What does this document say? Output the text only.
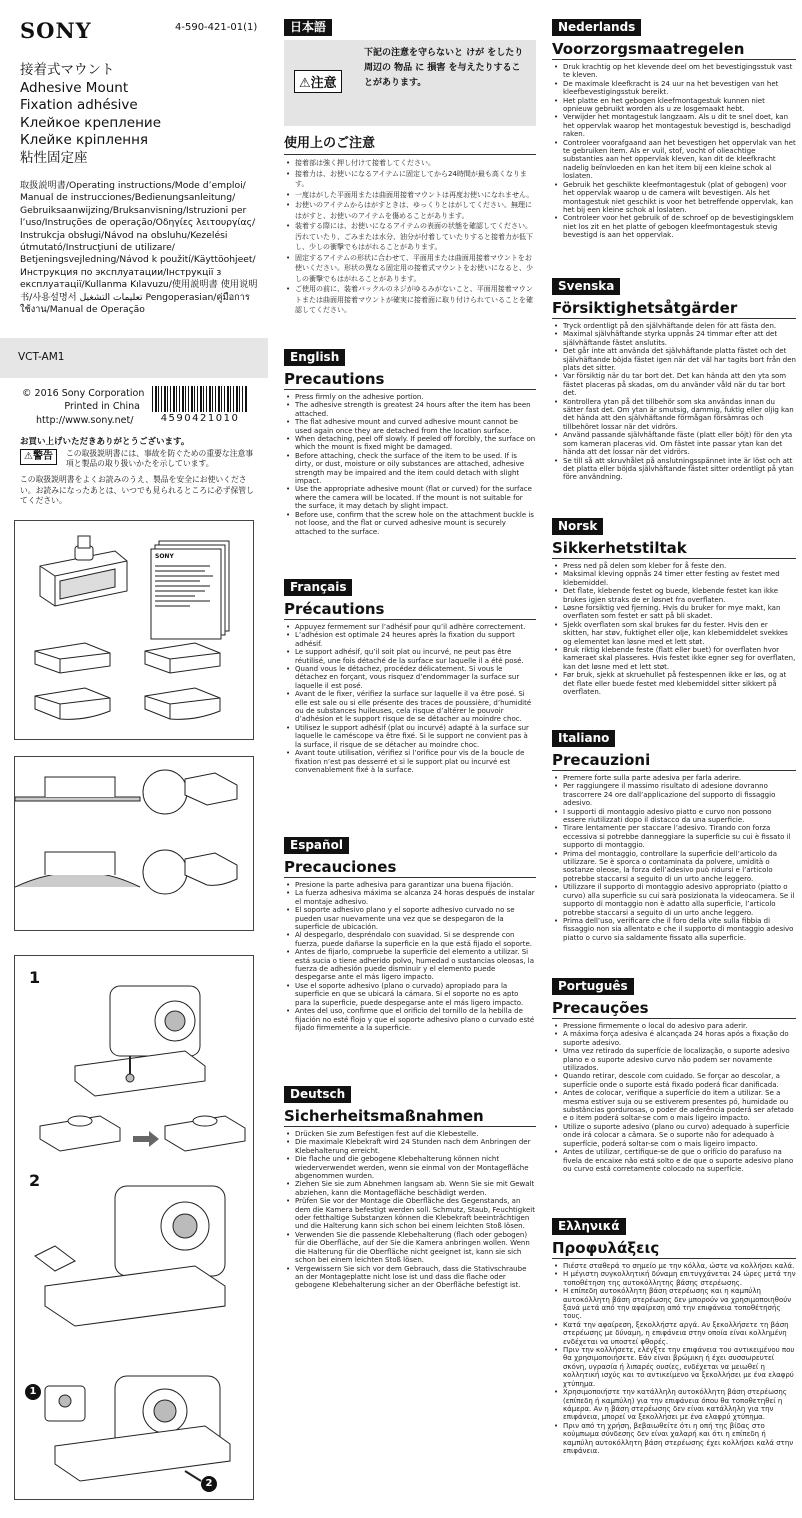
SONY	4-590-421-01(1)
接着式マウント
Adhesive Mount
Fixation adhésive
Клейкое крепление
Клейке кріплення
粘性固定座
取扱説明書/Operating instructions/Mode d’emploi/ Manual de instrucciones/Bedienungsanleitung/ Gebruiksaanwijzing/Bruksanvisning/Istruzioni per l’uso/Instruções de operação/Οδηγίες λειτουργίας/ Instrukcja obsługi/Návod na obsluhu/Kezelési útmutató/Instrucţiuni de utilizare/ Betjeningsvejledning/Návod k použití/Käyttöohjeet/ Инструкция по эксплуатации/Інструкції з експлуатації/Kullanma Kılavuzu/使用説明書 使用说明书/사용설명서 تعليمات التشغيل Pengoperasian/คู่มือการใช้งาน/Manual de Operação
VCT-AM1
© 2016 Sony Corporation
Printed in China
http://www.sony.net/	4590421010
お買い上げいただきありがとうございます。
⚠警告	この取扱説明書には、事故を防ぐための重要な注意事項と製品の取り扱いかたを示しています。
この取扱説明書をよくお読みのうえ、製品を安全にお使いください。お読みになったあとは、いつでも見られるところに必ず保管してください。
SONY
1
2
1
2
日本語
⚠注意
下記の注意を守らないと けが をしたり周辺の 物品 に 損害 を与えたりすることがあります。
使用上のご注意
• 接着部は強く押し付けて接着してください。
• 接着力は、お使いになるアイテムに固定してから24時間が最も高くなります。
• 一度はがした平面用または曲面用接着マウントは再度お使いになれません。
• お使いのアイテムからはがすときは、ゆっくりとはがしてください。無理にはがすと、お使いのアイテムを傷めることがあります。
• 装着する際には、お使いになるアイテムの表面の状態を確認してください。汚れていたり、ごみまたは水分、油分が付着していたりすると接着力が低下し、少しの衝撃でもはがれることがあります。
• 固定するアイテムの形状に合わせて、平面用または曲面用接着マウントをお使いください。形状の異なる固定用の接着式マウントをお使いになると、少しの衝撃でもはがれることがあります。
• ご使用の前に、装着バックルのネジがゆるみがないこと、平面用接着マウントまたは曲面用接着マウントが確実に接着面に取り付けられていることを確認してください。
English
Precautions
• Press firmly on the adhesive portion.
• The adhesive strength is greatest 24 hours after the item has been attached.
• The flat adhesive mount and curved adhesive mount cannot be used again once they are detached from the location surface.
• When detaching, peel off slowly. If peeled off forcibly, the surface on which the mount is fixed might be damaged.
• Before attaching, check the surface of the item to be used. If is dirty, or dust, moisture or oily substances are attached, adhesive strength may be impaired and the item could detach with slight impact.
• Use the appropriate adhesive mount (flat or curved) for the surface where the camera will be located. If the mount is not suitable for the surface, it may detach by slight impact.
• Before use, confirm that the screw hole on the attachment buckle is not loose, and the flat or curved adhesive mount is securely attached to the surface.
Français
Précautions
• Appuyez fermement sur l’adhésif pour qu’il adhère correctement.
• L’adhésion est optimale 24 heures après la fixation du support adhésif.
• Le support adhésif, qu’il soit plat ou incurvé, ne peut pas être réutilisé, une fois détaché de la surface sur laquelle il a été posé.
• Quand vous le détachez, procédez délicatement. Si vous le détachez en forçant, vous risquez d’endommager la surface sur laquelle il est posé.
• Avant de le fixer, vérifiez la surface sur laquelle il va être posé. Si elle est sale ou si elle présente des traces de poussière, d’humidité ou de substances huileuses, cela risque d’altérer le pouvoir d’adhésion et le support risque de se détacher au moindre choc.
• Utilisez le support adhésif (plat ou incurvé) adapté à la surface sur laquelle le caméscope va être fixé. Si le support ne convient pas à la surface, il risque de se détacher au moindre choc.
• Avant toute utilisation, vérifiez si l’orifice pour vis de la boucle de fixation n’est pas desserré et si le support plat ou incurvé est convenablement fixé à la surface.
Español
Precauciones
• Presione la parte adhesiva para garantizar una buena fijación.
• La fuerza adhesiva máxima se alcanza 24 horas después de instalar el montaje adhesivo.
• El soporte adhesivo plano y el soporte adhesivo curvado no se pueden usar nuevamente una vez que se despegaron de la superficie de ubicación.
• Al despegarlo, despréndalo con suavidad. Si se desprende con fuerza, puede dañarse la superficie en la que está fijado el soporte.
• Antes de fijarlo, compruebe la superficie del elemento a utilizar. Si está sucia o tiene adherido polvo, humedad o sustancias oleosas, la fuerza de adhesión puede disminuir y el elemento puede despegarse ante el más ligero impacto.
• Use el soporte adhesivo (plano o curvado) apropiado para la superficie en que se ubicará la cámara. Si el soporte no es apto para la superficie, puede despegarse ante el más ligero impacto.
• Antes del uso, confirme que el orificio del tornillo de la hebilla de fijación no esté flojo y que el soporte adhesivo plano o curvado esté fijado firmemente a la superficie.
Deutsch
Sicherheitsmaßnahmen
• Drücken Sie zum Befestigen fest auf die Klebestelle.
• Die maximale Klebekraft wird 24 Stunden nach dem Anbringen der Klebehalterung erreicht.
• Die flache und die gebogene Klebehalterung können nicht wiederverwendet werden, wenn sie einmal von der Montagefläche abgenommen wurden.
• Ziehen Sie sie zum Abnehmen langsam ab. Wenn Sie sie mit Gewalt abziehen, kann die Montagefläche beschädigt werden.
• Prüfen Sie vor der Montage die Oberfläche des Gegenstands, an dem die Kamera befestigt werden soll. Schmutz, Staub, Feuchtigkeit oder fetthaltige Substanzen können die Klebekraft beeinträchtigen und die Halterung kann sich schon bei einem leichten Stoß lösen.
• Verwenden Sie die passende Klebehalterung (flach oder gebogen) für die Oberfläche, auf der Sie die Kamera anbringen wollen. Wenn die Halterung für die Oberfläche nicht geeignet ist, kann sie sich schon bei einem leichten Stoß lösen.
• Vergewissern Sie sich vor dem Gebrauch, dass die Stativschraube an der Montageplatte nicht lose ist und dass die flache oder gebogene Klebehalterung sicher an der Oberfläche befestigt ist.
Nederlands
Voorzorgsmaatregelen
• Druk krachtig op het klevende deel om het bevestigingsstuk vast te kleven.
• De maximale kleefkracht is 24 uur na het bevestigen van het kleefbevestigingsstuk bereikt.
• Het platte en het gebogen kleefmontagestuk kunnen niet opnieuw gebruikt worden als u ze losgemaakt hebt.
• Verwijder het montagestuk langzaam. Als u dit te snel doet, kan het oppervlak waarop het montagestuk bevestigd is, beschadigd raken.
• Controleer voorafgaand aan het bevestigen het oppervlak van het te gebruiken item. Als er vuil, stof, vocht of olieachtige substanties aan het oppervlak kleven, kan dit de kleefkracht nadelig beïnvloeden en kan het item bij een kleine schok al loslaten.
• Gebruik het geschikte kleefmontagestuk (plat of gebogen) voor het oppervlak waarop u de camera wilt bevestigen. Als het montagestuk niet geschikt is voor het betreffende oppervlak, kan het bij een kleine schok al loslaten.
• Controleer voor het gebruik of de schroef op de bevestigingsklem niet los zit en het platte of gebogen kleefmontagestuk stevig bevestigd is aan het oppervlak.
Svenska
Försiktighetsåtgärder
• Tryck ordentligt på den självhäftande delen för att fästa den.
• Maximal självhäftande styrka uppnås 24 timmar efter att det självhäftande fästet anslutits.
• Det går inte att använda det självhäftande platta fästet och det självhäftande böjda fästet igen när det väl har tagits bort från den plats det sitter.
• Var försiktig när du tar bort det. Det kan hända att den yta som fästet placeras på skadas, om du använder våld när du tar bort det.
• Kontrollera ytan på det tillbehör som ska användas innan du sätter fast det. Om ytan är smutsig, dammig, fuktig eller oljig kan det hända att den självhäftande förmågan försämras och tillbehöret lossar när det vidrörs.
• Använd passande självhäftande fäste (platt eller böjt) för den yta som kameran placeras vid. Om fästet inte passar ytan kan det hända att det lossar när det vidrörs.
• Se till så att skruvhålet på anslutningsspännet inte är löst och att det platta eller böjda självhäftande fästet sitter ordentligt på ytan före användning.
Norsk
Sikkerhetstiltak
• Press ned på delen som kleber for å feste den.
• Maksimal kleving oppnås 24 timer etter festing av festet med klebemiddel.
• Det flate, klebende festet og buede, klebende festet kan ikke brukes igjen straks de er løsnet fra overflaten.
• Løsne forsiktig ved fjerning. Hvis du bruker for mye makt, kan overflaten som festet er satt på bli skadet.
• Sjekk overflaten som skal brukes før du fester. Hvis den er skitten, har støv, fuktighet eller olje, kan klebemiddelet svekkes og elementet kan løsne med et lett støt.
• Bruk riktig klebende feste (flatt eller buet) for overflaten hvor kameraet skal plasseres. Hvis festet ikke egner seg for overflaten, kan det løsne med et lett støt.
• Før bruk, sjekk at skruehullet på festespennen ikke er løs, og at det flate eller buede festet med klebemiddel sitter sikkert på overflaten.
Italiano
Precauzioni
• Premere forte sulla parte adesiva per farla aderire.
• Per raggiungere il massimo risultato di adesione dovranno trascorrere 24 ore dall’applicazione del supporto di fissaggio adesivo.
• I supporti di montaggio adesivo piatto e curvo non possono essere riutilizzati dopo il distacco da una superficie.
• Tirare lentamente per staccare l’adesivo. Tirando con forza eccessiva si potrebbe danneggiare la superficie su cui è fissato il supporto di montaggio.
• Prima del montaggio, controllare la superficie dell’articolo da utilizzare. Se è sporca o contaminata da polvere, umidità o sostanze oleose, la forza dell’adesivo può ridursi e l’articolo potrebbe staccarsi a seguito di un urto anche leggero.
• Utilizzare il supporto di montaggio adesivo appropriato (piatto o curvo) alla superficie su cui sarà posizionata la videocamera. Se il supporto di montaggio non è adatto alla superficie, l’articolo potrebbe staccarsi a seguito di un urto anche leggero.
• Prima dell’uso, verificare che il foro della vite sulla fibbia di fissaggio non sia allentato e che il supporto di montaggio adesivo piatto o curvo sia saldamente fissato alla superficie.
Português
Precauções
• Pressione firmemente o local do adesivo para aderir.
• A máxima força adesiva é alcançada 24 horas após a fixação do suporte adesivo.
• Uma vez retirado da superfície de localização, o suporte adesivo plano e o suporte adesivo curvo não podem ser novamente utilizados.
• Quando retirar, descole com cuidado. Se forçar ao descolar, a superfície onde o suporte está fixado poderá ficar danificada.
• Antes de colocar, verifique a superfície do item a utilizar. Se a mesma estiver suja ou se estiverem presentes pó, humidade ou substâncias gordurosas, o poder de aderência poderá ser afetado e o item poderá soltar-se com o mais ligeiro impacto.
• Utilize o suporte adesivo (plano ou curvo) adequado à superfície onde irá colocar a câmara. Se o suporte não for adequado à superfície, poderá soltar-se com o mais ligeiro impacto.
• Antes de utilizar, certifique-se de que o orifício do parafuso na fivela de encaixe não está solto e de que o suporte adesivo plano ou curvo está corretamente colocado na superfície.
Ελληνικά
Προφυλάξεις
• Πιέστε σταθερά το σημείο με την κόλλα, ώστε να κολλήσει καλά.
• Η μέγιστη συγκολλητική δύναμη επιτυγχάνεται 24 ώρες μετά την τοποθέτηση της αυτοκόλλητης βάσης στερέωσης.
• Η επίπεδη αυτοκόλλητη βάση στερέωσης και η καμπύλη αυτοκόλλητη βάση στερέωσης δεν μπορούν να χρησιμοποιηθούν ξανά μετά από την αφαίρεση από την επιφάνεια τοποθέτησής τους.
• Κατά την αφαίρεση, ξεκολλήστε αργά. Αν ξεκολλήσετε τη βάση στερέωσης με δύναμη, η επιφάνεια στην οποία είναι κολλημένη ενδέχεται να υποστεί φθορές.
• Πριν την κολλήσετε, ελέγξτε την επιφάνεια του αντικειμένου που θα χρησιμοποιήσετε. Εάν είναι βρώμικη ή έχει συσσωρευτεί σκόνη, υγρασία ή λιπαρές ουσίες, ενδέχεται να μειωθεί η κολλητική ισχύς και το αντικείμενο να ξεκολλήσει με ένα ελαφρύ χτύπημα.
• Χρησιμοποιήστε την κατάλληλη αυτοκόλλητη βάση στερέωσης (επίπεδη ή καμπύλη) για την επιφάνεια όπου θα τοποθετηθεί η κάμερα. Αν η βάση στερέωσης δεν είναι κατάλληλη για την επιφάνεια, μπορεί να ξεκολλήσει με ένα ελαφρύ χτύπημα.
• Πριν από τη χρήση, βεβαιωθείτε ότι η οπή της βίδας στο κούμπωμα σύνδεσης δεν είναι χαλαρή και ότι η επίπεδη ή καμπύλη αυτοκόλλητη βάση στερέωσης έχει κολλήσει καλά στην επιφάνεια.
